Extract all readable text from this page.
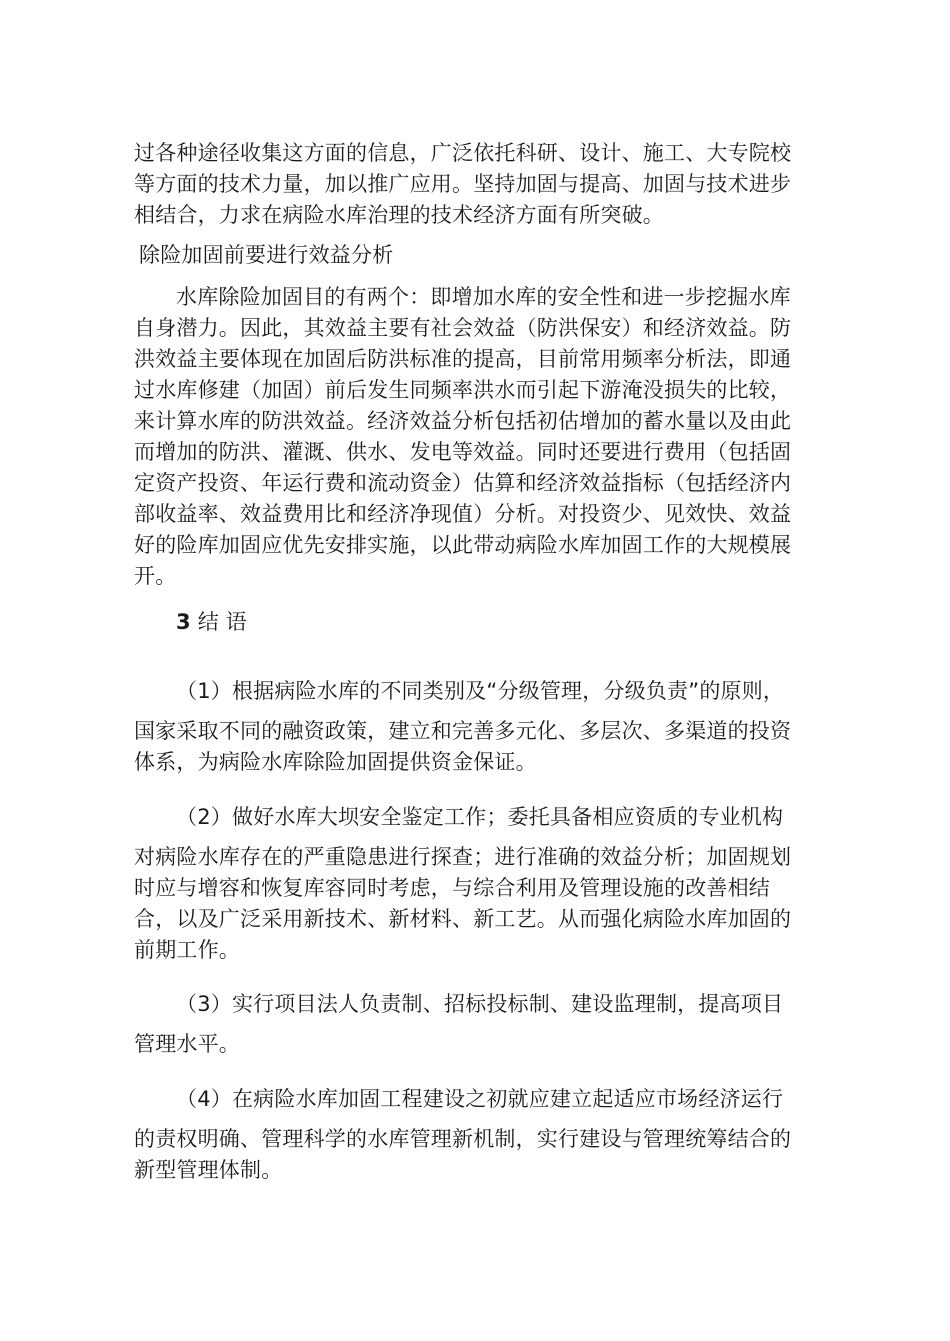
过各种途径收集这方面的信息，广泛依托科研、设计、施工、大专院校
等方面的技术力量，加以推广应用。坚持加固与提高、加固与技术进步
相结合，力求在病险水库治理的技术经济方面有所突破。
除险加固前要进行效益分析
水库除险加固目的有两个：即增加水库的安全性和进一步挖掘水库
自身潜力。因此，其效益主要有社会效益（防洪保安）和经济效益。防
洪效益主要体现在加固后防洪标准的提高，目前常用频率分析法，即通
过水库修建（加固）前后发生同频率洪水而引起下游淹没损失的比较，
来计算水库的防洪效益。经济效益分析包括初估增加的蓄水量以及由此
而增加的防洪、灌溉、供水、发电等效益。同时还要进行费用（包括固
定资产投资、年运行费和流动资金）估算和经济效益指标（包括经济内
部收益率、效益费用比和经济净现值）分析。对投资少、见效快、效益
好的险库加固应优先安排实施，以此带动病险水库加固工作的大规模展
开。
3 结 语
（1）根据病险水库的不同类别及“分级管理，分级负责”的原则，
国家采取不同的融资政策，建立和完善多元化、多层次、多渠道的投资
体系，为病险水库除险加固提供资金保证。
（2）做好水库大坝安全鉴定工作；委托具备相应资质的专业机构
对病险水库存在的严重隐患进行探查；进行准确的效益分析；加固规划
时应与增容和恢复库容同时考虑，与综合利用及管理设施的改善相结
合，以及广泛采用新技术、新材料、新工艺。从而强化病险水库加固的
前期工作。
（3）实行项目法人负责制、招标投标制、建设监理制，提高项目
管理水平。
（4）在病险水库加固工程建设之初就应建立起适应市场经济运行
的责权明确、管理科学的水库管理新机制，实行建设与管理统筹结合的
新型管理体制。
